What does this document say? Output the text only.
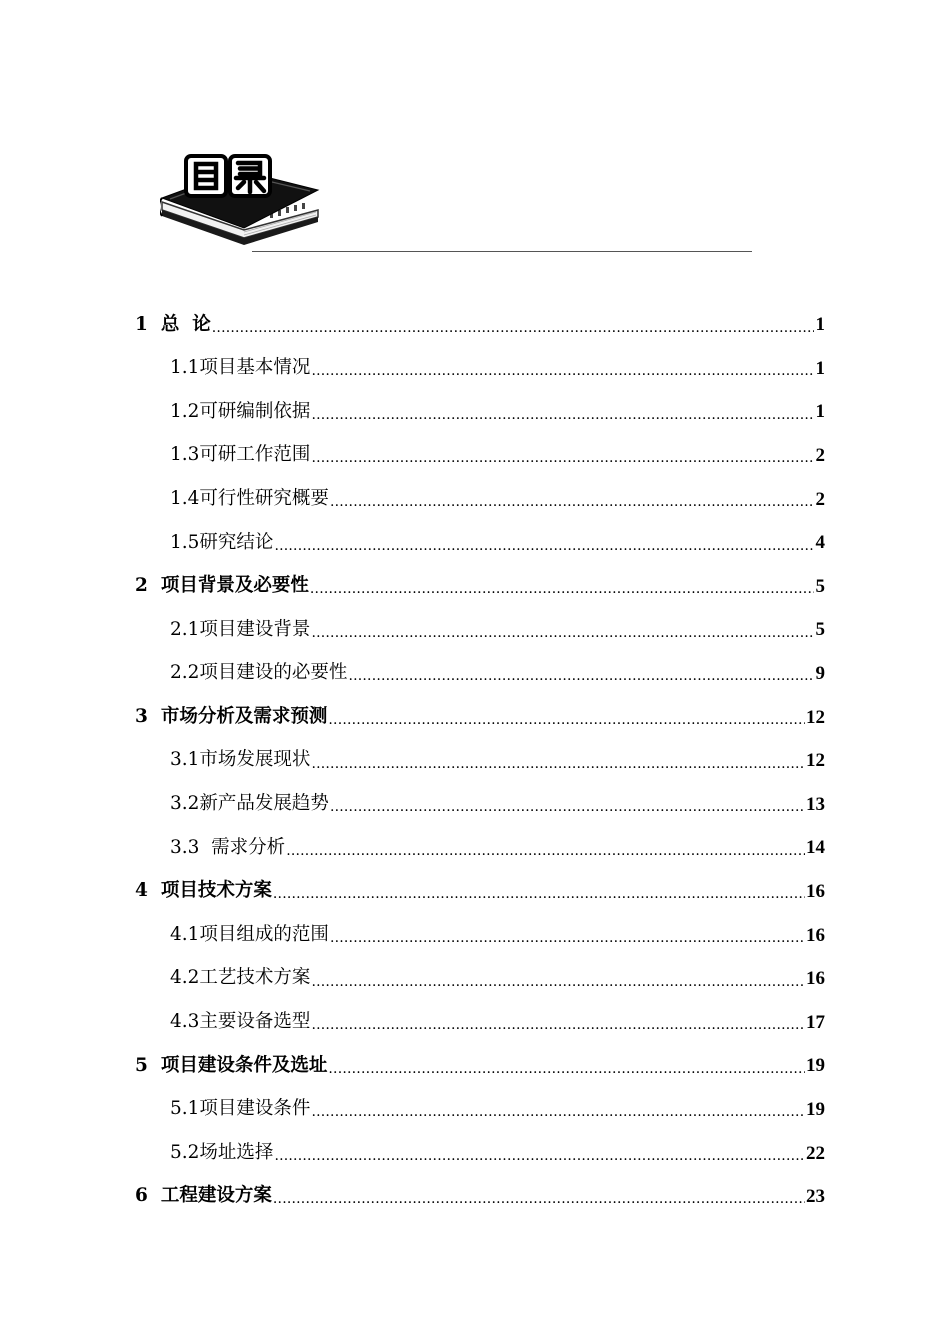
目录
1 总  论 .....	1
1.1 项目基本情况 .....	1
1.2 可研编制依据 .....	1
1.3 可研工作范围 .....	2
1.4 可行性研究概要 .....	2
1.5 研究结论 .....	4
2 项目背景及必要性 .....	5
2.1 项目建设背景 .....	5
2.2 项目建设的必要性 .....	9
3 市场分析及需求预测 .....	12
3.1 市场发展现状 .....	12
3.2 新产品发展趋势 .....	13
3.3 需求分析 .....	14
4 项目技术方案 .....	16
4.1 项目组成的范围 .....	16
4.2 工艺技术方案 .....	16
4.3 主要设备选型 .....	17
5 项目建设条件及选址 .....	19
5.1 项目建设条件 .....	19
5.2 场址选择 .....	22
6 工程建设方案 .....	23
